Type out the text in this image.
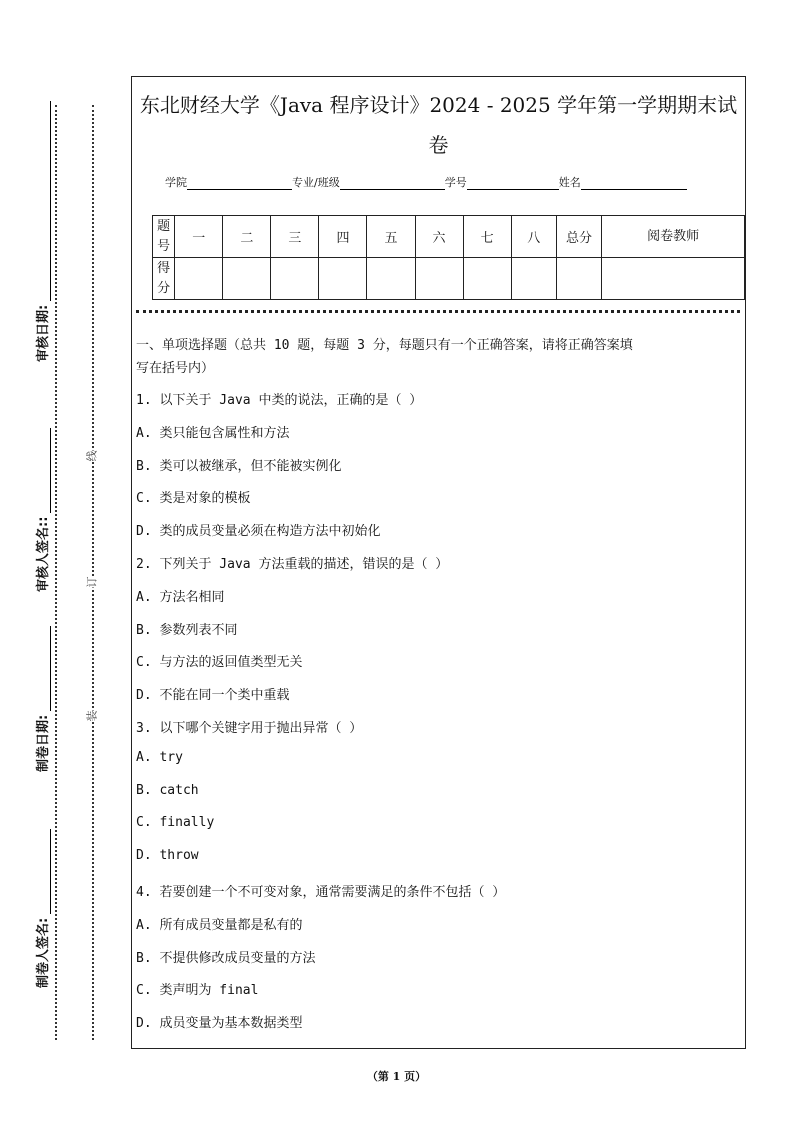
审核日期:
审核人签名::
制卷日期:
制卷人签名:
线
订
装
东北财经大学《Java 程序设计》2024 - 2025 学年第一学期期末试
卷
学院	专业/班级	学号	姓名
题号	一	二	三	四	五	六	七	八	总分	阅卷教师
得分										
一、单项选择题（总共 10 题，每题 3 分，每题只有一个正确答案，请将正确答案填
写在括号内）
1. 以下关于 Java 中类的说法，正确的是（ ）
A. 类只能包含属性和方法
B. 类可以被继承，但不能被实例化
C. 类是对象的模板
D. 类的成员变量必须在构造方法中初始化
2. 下列关于 Java 方法重载的描述，错误的是（ ）
A. 方法名相同
B. 参数列表不同
C. 与方法的返回值类型无关
D. 不能在同一个类中重载
3. 以下哪个关键字用于抛出异常（ ）
A. try
B. catch
C. finally
D. throw
4. 若要创建一个不可变对象，通常需要满足的条件不包括（ ）
A. 所有成员变量都是私有的
B. 不提供修改成员变量的方法
C. 类声明为 final
D. 成员变量为基本数据类型
（第 1 页）
